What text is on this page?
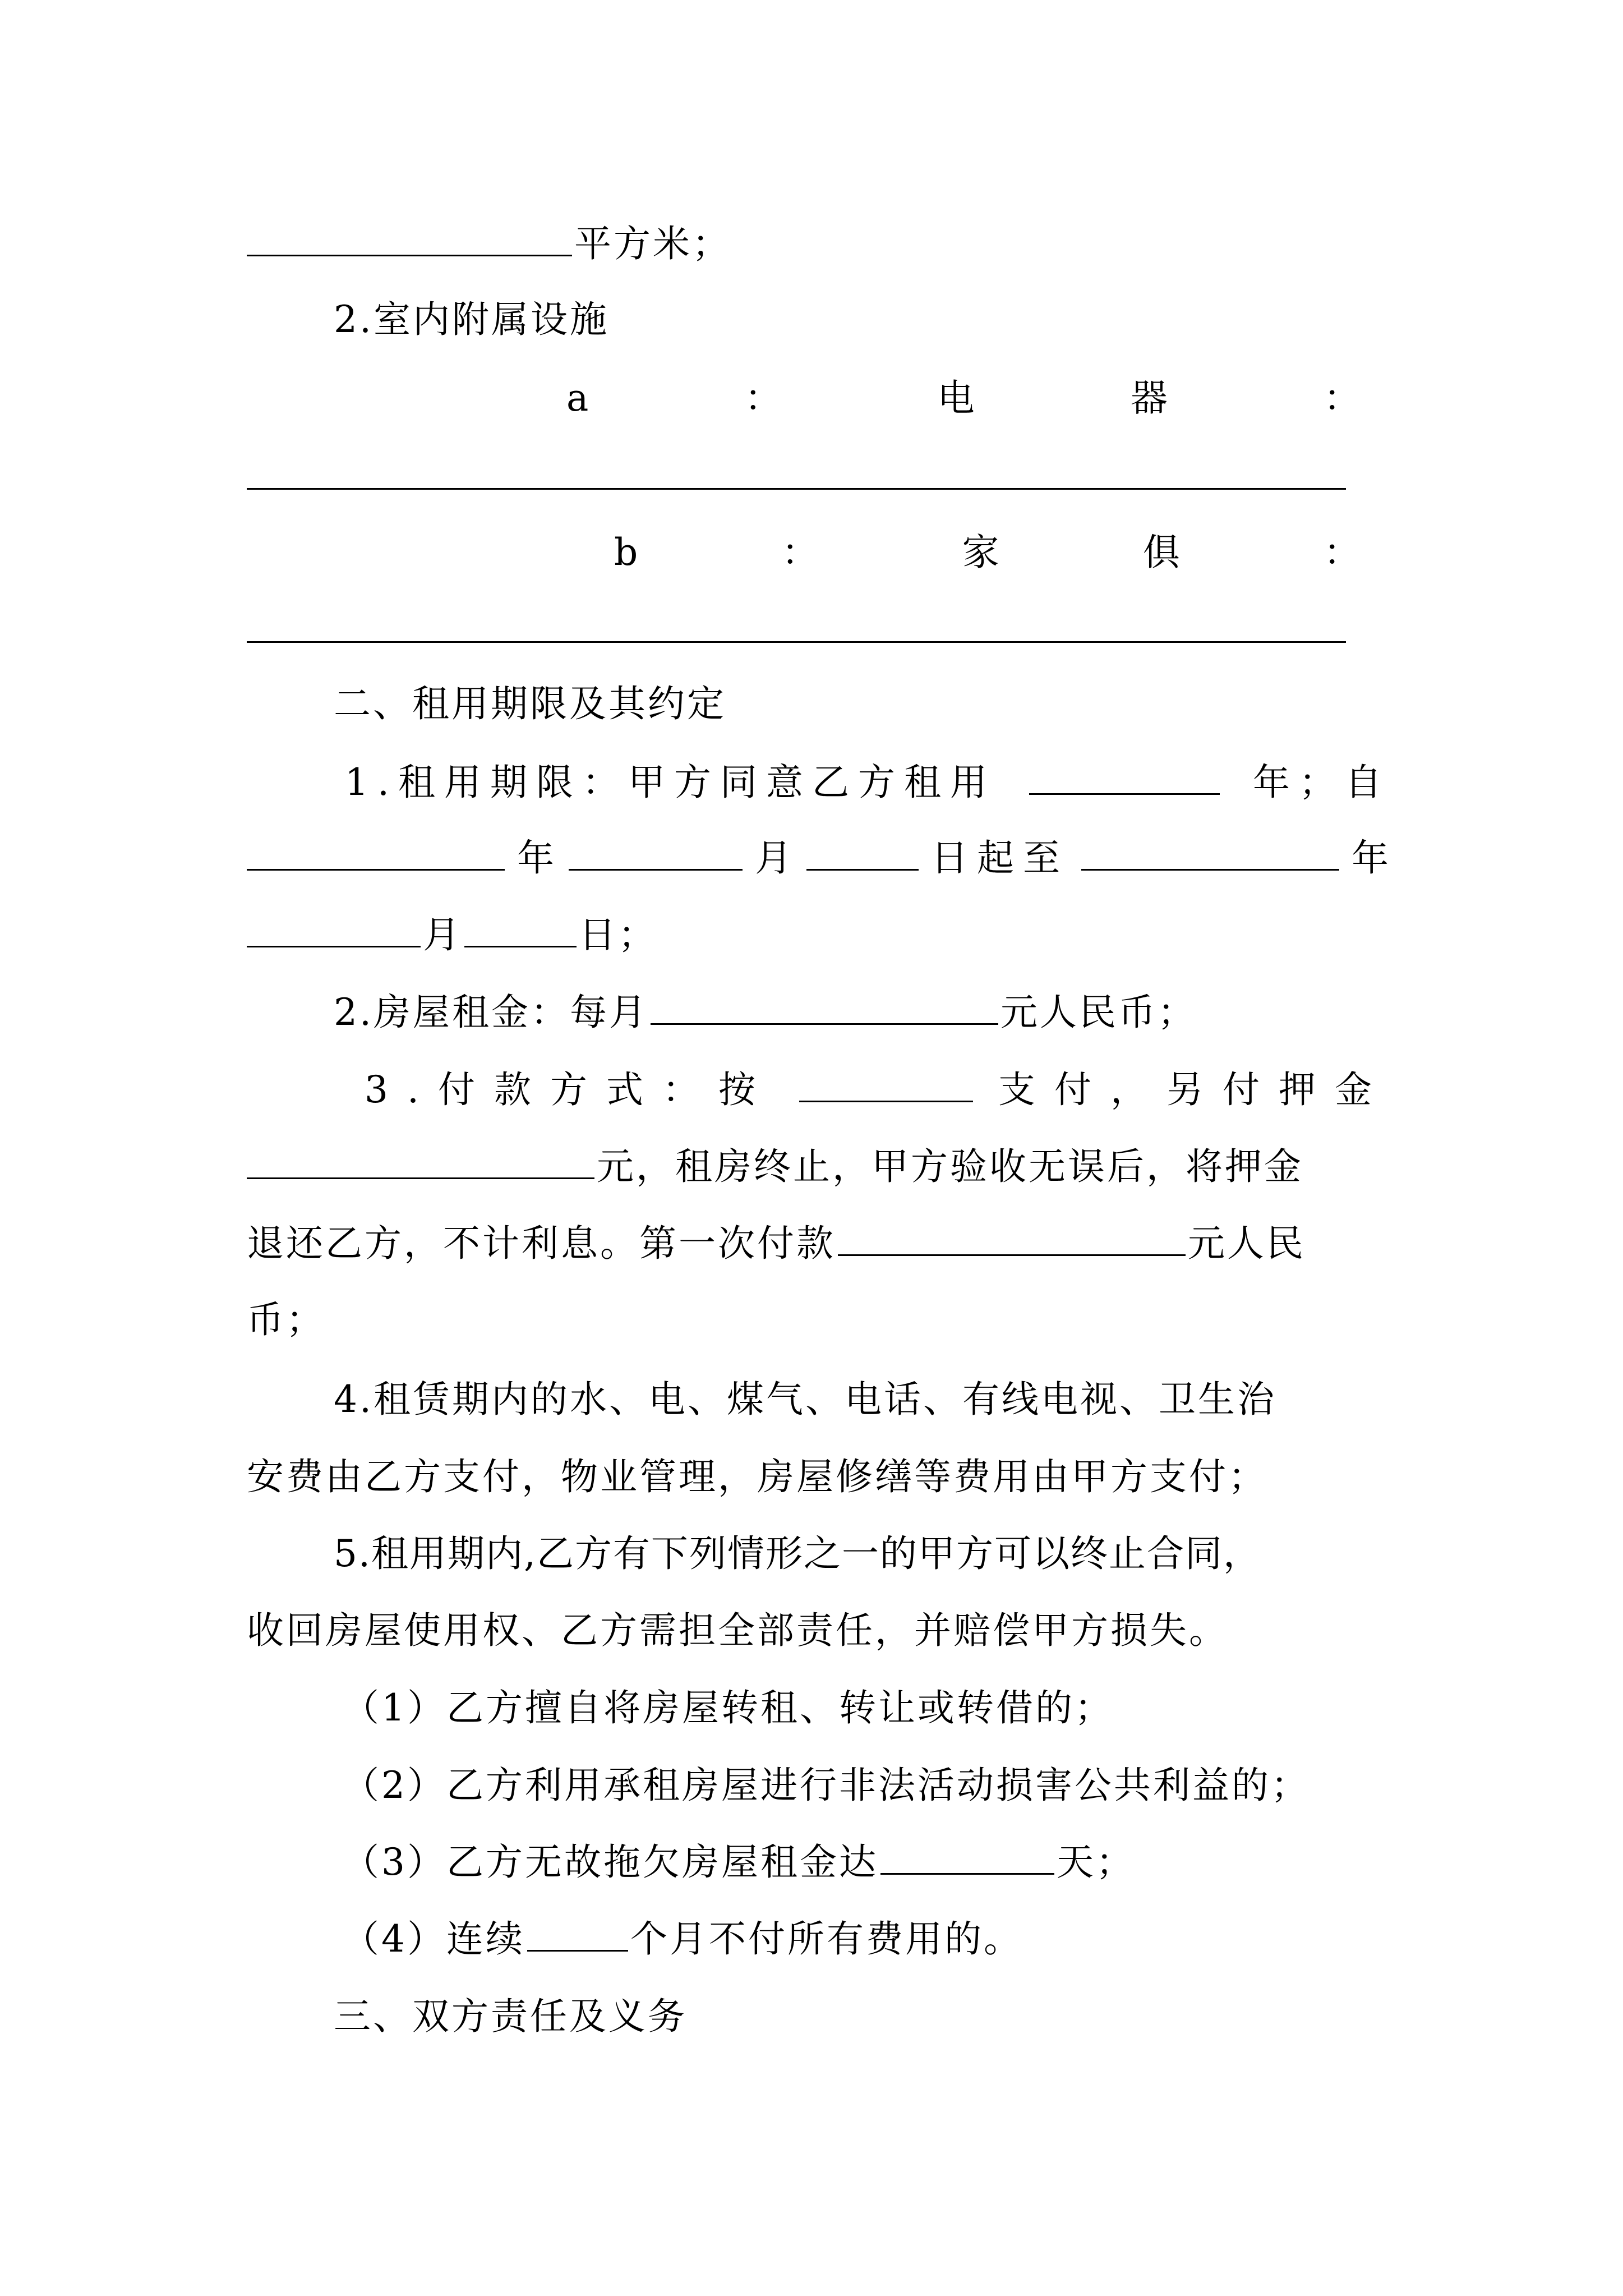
平方米；
2.室内附属设施
a	：	电	器	：
b	：	家	俱	：
二、租用期限及其约定
1.租用期限：甲方同意乙方租用	年；自
年	月	日起至	年
月	日；
2.房屋租金：每月	元人民币；
3.付款方式：按	支付，另付押金
元，租房终止，甲方验收无误后，将押金
退还乙方，不计利息。第一次付款	元人民
币；
4.租赁期内的水、电、煤气、电话、有线电视、卫生治
安费由乙方支付，物业管理，房屋修缮等费用由甲方支付；
5.租用期内,乙方有下列情形之一的甲方可以终止合同，
收回房屋使用权、乙方需担全部责任，并赔偿甲方损失。
（1）乙方擅自将房屋转租、转让或转借的；
（2）乙方利用承租房屋进行非法活动损害公共利益的；
（3）乙方无故拖欠房屋租金达	天；
（4）连续	个月不付所有费用的。
三、双方责任及义务
